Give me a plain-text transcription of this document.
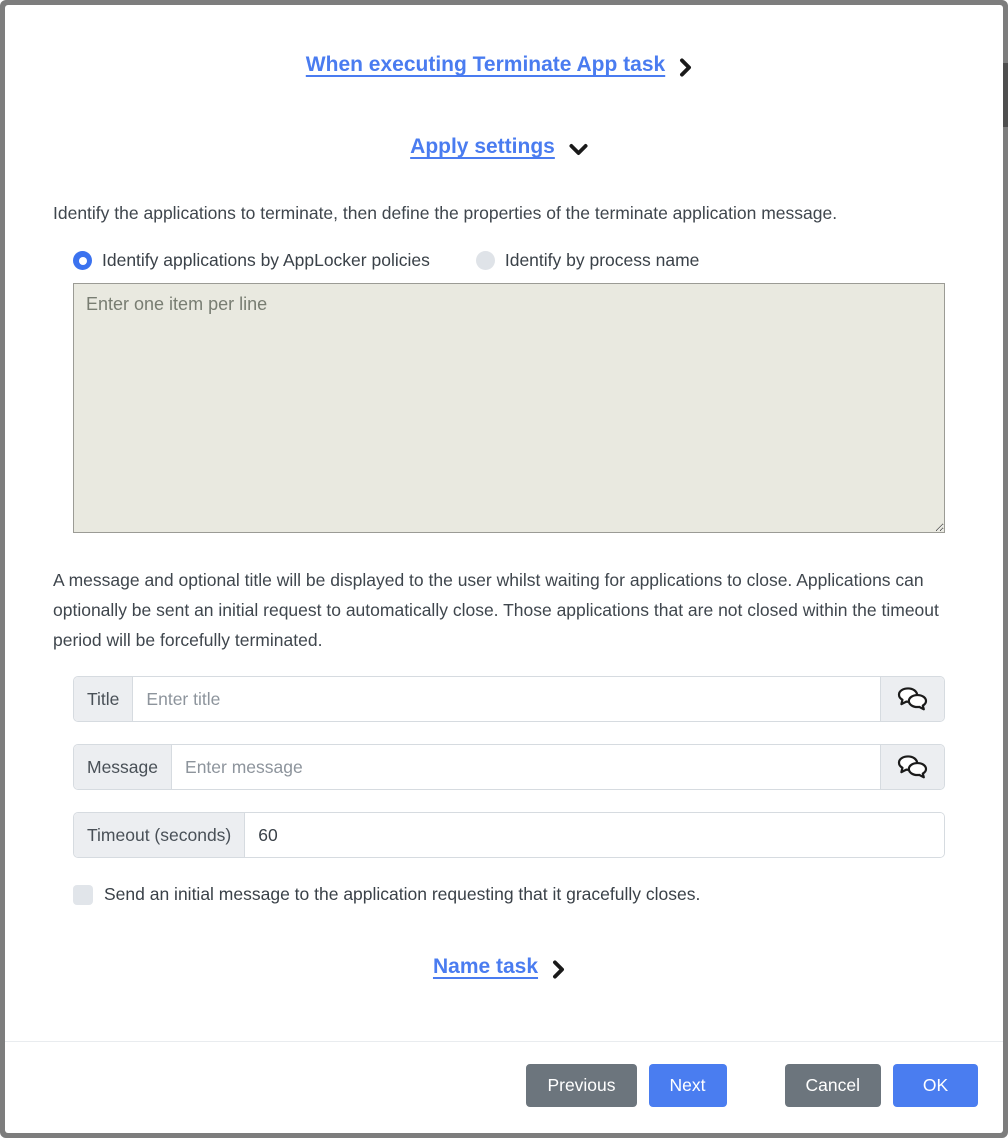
When executing Terminate App task
Apply settings

Identify the applications to terminate, then define the properties of the terminate application message.

Identify applications by AppLocker policies	Identify by process name
Enter one item per line

A message and optional title will be displayed to the user whilst waiting for applications to close. Applications can optionally be sent an initial request to automatically close. Those applications that are not closed within the timeout period will be forcefully terminated.

Title
Enter title
Message
Enter message
Timeout (seconds)
60
Send an initial message to the application requesting that it gracefully closes.
Name task
Previous	Next	Cancel	OK
